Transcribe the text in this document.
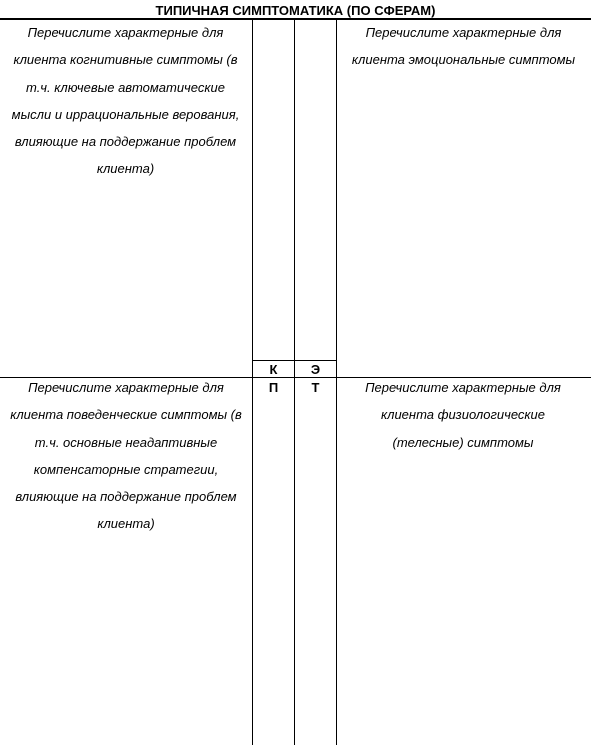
ТИПИЧНАЯ СИМПТОМАТИКА (ПО СФЕРАМ)
Перечислите характерные для клиента когнитивные симптомы (в т.ч. ключевые автоматические мысли и иррациональные верования, влияющие на поддержание проблем клиента)
Перечислите характерные для клиента эмоциональные симптомы
Перечислите характерные для клиента поведенческие симптомы (в т.ч. основные неадаптивные компенсаторные стратегии, влияющие на поддержание проблем клиента)
Перечислите характерные для клиента физиологические (телесные) симптомы
К	Э
П	Т
